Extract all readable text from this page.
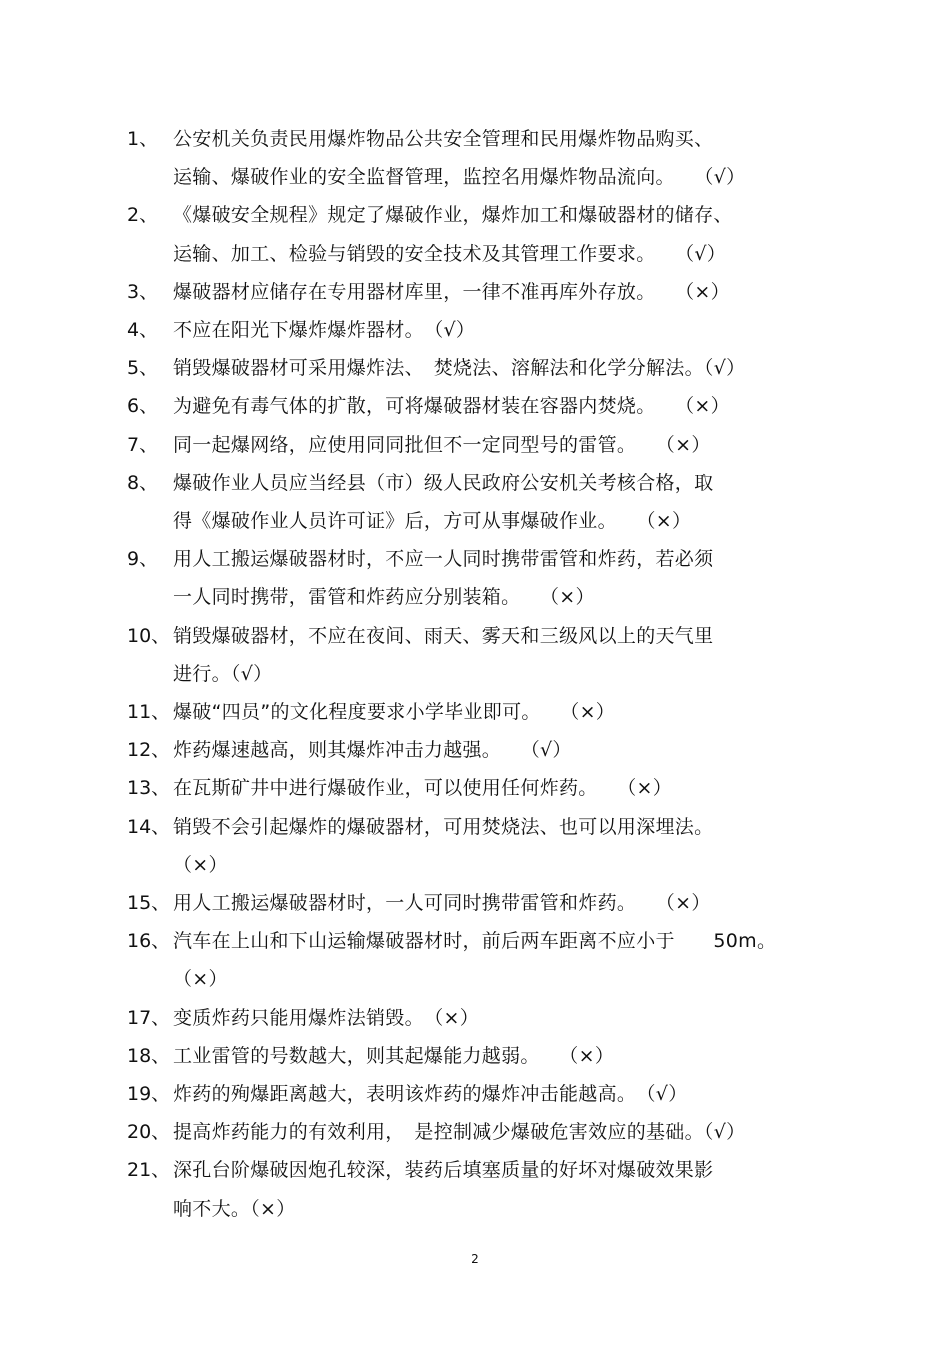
1、 公安机关负责民用爆炸物品公共安全管理和民用爆炸物品购买、
运输、爆破作业的安全监督管理，监控名用爆炸物品流向。　　（√）
2、 《爆破安全规程》规定了爆破作业，爆炸加工和爆破器材的储存、
运输、加工、检验与销毁的安全技术及其管理工作要求。　　（√）
3、 爆破器材应储存在专用器材库里，一律不准再库外存放。　　（×）
4、 不应在阳光下爆炸爆炸器材。　（√）
5、 销毁爆破器材可采用爆炸法、　焚烧法、溶解法和化学分解法。（√）
6、 为避免有毒气体的扩散，可将爆破器材装在容器内焚烧。　　（×）
7、 同一起爆网络，应使用同同批但不一定同型号的雷管。　　（×）
8、 爆破作业人员应当经县（市）级人民政府公安机关考核合格，取
得《爆破作业人员许可证》后，方可从事爆破作业。　　（×）
9、 用人工搬运爆破器材时，不应一人同时携带雷管和炸药，若必须
一人同时携带，雷管和炸药应分别装箱。　　（×）
10、 销毁爆破器材，不应在夜间、雨天、雾天和三级风以上的天气里
进行。（√）
11、 爆破“四员”的文化程度要求小学毕业即可。　　（×）
12、 炸药爆速越高，则其爆炸冲击力越强。　　（√）
13、 在瓦斯矿井中进行爆破作业，可以使用任何炸药。　　（×）
14、 销毁不会引起爆炸的爆破器材，可用焚烧法、也可以用深埋法。
（×）
15、 用人工搬运爆破器材时，一人可同时携带雷管和炸药。　　（×）
16、 汽车在上山和下山运输爆破器材时，前后两车距离不应小于　　50m。
（×）
17、 变质炸药只能用爆炸法销毁。　（×）
18、 工业雷管的号数越大，则其起爆能力越弱。　　（×）
19、 炸药的殉爆距离越大，表明该炸药的爆炸冲击能越高。　（√）
20、 提高炸药能力的有效利用，　是控制减少爆破危害效应的基础。（√）
21、 深孔台阶爆破因炮孔较深，装药后填塞质量的好坏对爆破效果影
响不大。（×）
2
